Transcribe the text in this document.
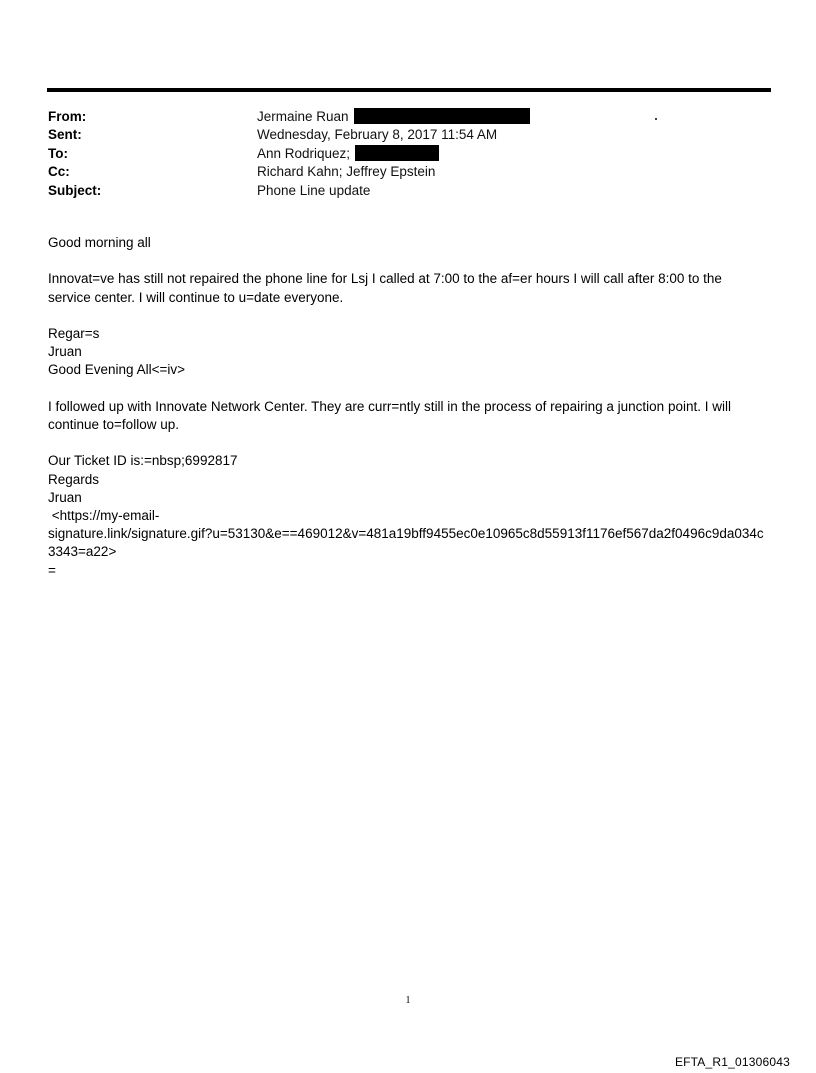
From:	Jermaine Ruan
Sent:	Wednesday, February 8, 2017 11:54 AM
To:	Ann Rodriquez;
Cc:	Richard Kahn; Jeffrey Epstein
Subject:	Phone Line update

Good morning all

Innovat=ve has still not repaired the phone line for Lsj I called at 7:00 to the af=er hours I will call after 8:00 to the

service center. I will continue to u=date everyone.

Regar=s

Jruan

Good Evening All<=iv>

I followed up with Innovate Network Center. They are curr=ntly still in the process of repairing a junction point. I will

continue to=follow up.

Our Ticket ID is:=nbsp;6992817

Regards

Jruan

<https://my-email-

signature.link/signature.gif?u=53130&e==469012&v=481a19bff9455ec0e10965c8d55913f1176ef567da2f0496c9da034c

3343=a22>

=

1
EFTA_R1_01306043
